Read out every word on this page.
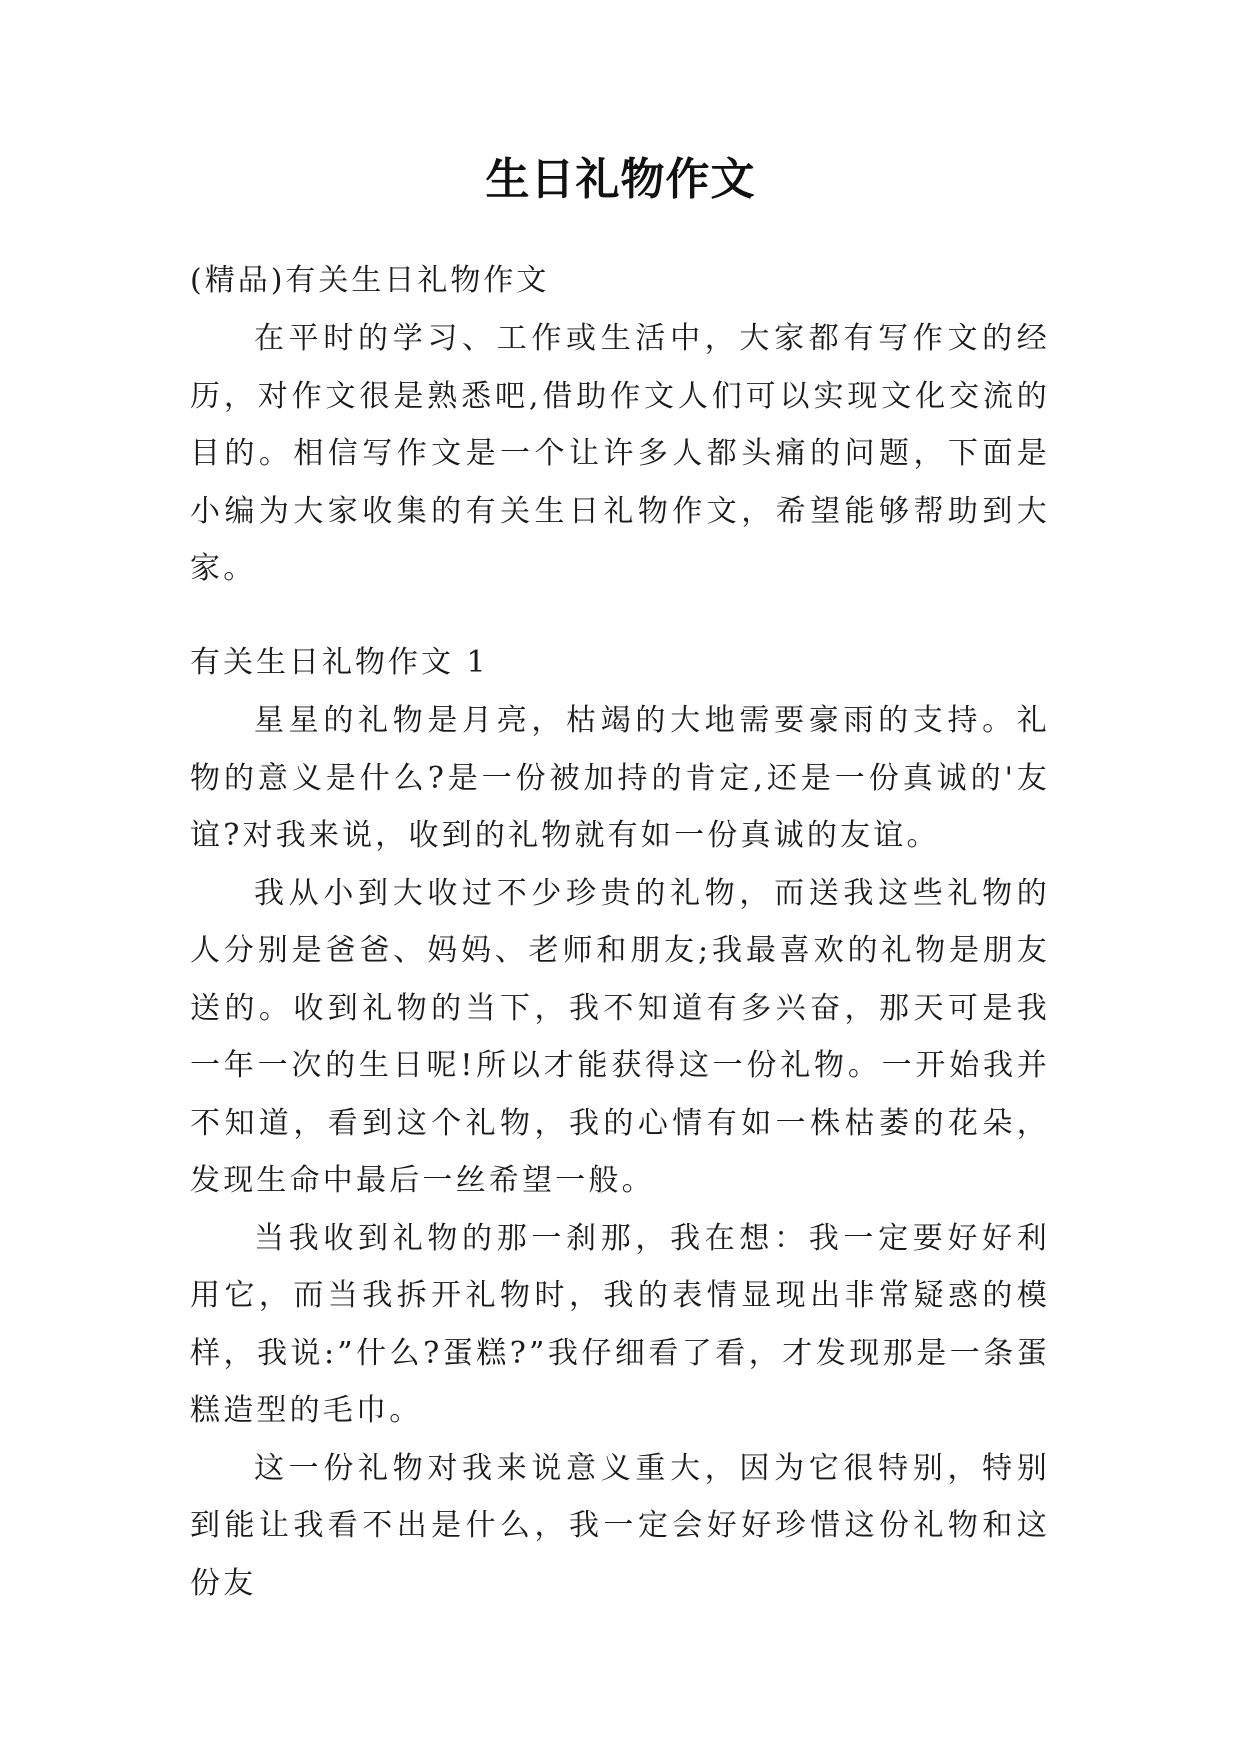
生日礼物作文

(精品)有关生日礼物作文

在平时的学习、工作或生活中，大家都有写作文的经历，对作文很是熟悉吧,借助作文人们可以实现文化交流的目的。相信写作文是一个让许多人都头痛的问题，下面是小编为大家收集的有关生日礼物作文，希望能够帮助到大家。

有关生日礼物作文 1

星星的礼物是月亮，枯竭的大地需要豪雨的支持。礼物的意义是什么?是一份被加持的肯定,还是一份真诚的'友谊?对我来说，收到的礼物就有如一份真诚的友谊。

我从小到大收过不少珍贵的礼物，而送我这些礼物的人分别是爸爸、妈妈、老师和朋友;我最喜欢的礼物是朋友送的。收到礼物的当下，我不知道有多兴奋，那天可是我一年一次的生日呢!所以才能获得这一份礼物。一开始我并不知道，看到这个礼物，我的心情有如一株枯萎的花朵，发现生命中最后一丝希望一般。

当我收到礼物的那一刹那，我在想：我一定要好好利用它，而当我拆开礼物时，我的表情显现出非常疑惑的模样，我说:”什么?蛋糕?”我仔细看了看，才发现那是一条蛋糕造型的毛巾。

这一份礼物对我来说意义重大，因为它很特别，特别到能让我看不出是什么，我一定会好好珍惜这份礼物和这份友
